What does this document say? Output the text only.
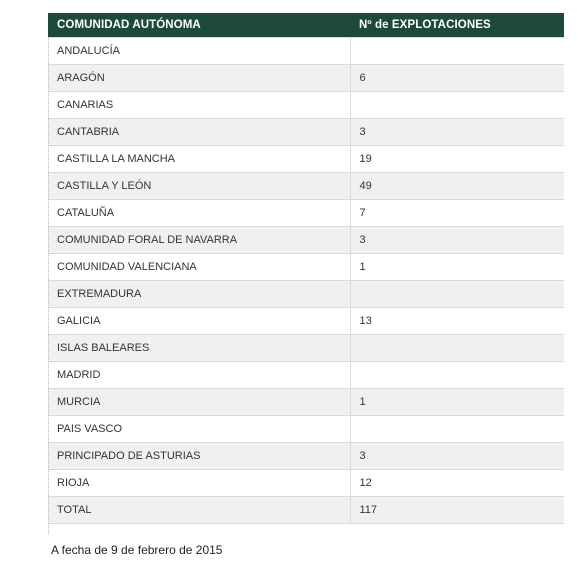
COMUNIDAD AUTÓNOMA	Nº de EXPLOTACIONES
ANDALUCÍA	
ARAGÓN	6
CANARIAS	
CANTABRIA	3
CASTILLA LA MANCHA	19
CASTILLA Y LEÓN	49
CATALUÑA	7
COMUNIDAD FORAL DE NAVARRA	3
COMUNIDAD VALENCIANA	1
EXTREMADURA	
GALICIA	13
ISLAS BALEARES	
MADRID	
MURCIA	1
PAIS VASCO	
PRINCIPADO DE ASTURIAS	3
RIOJA	12
TOTAL	117
A fecha de 9 de febrero de 2015
